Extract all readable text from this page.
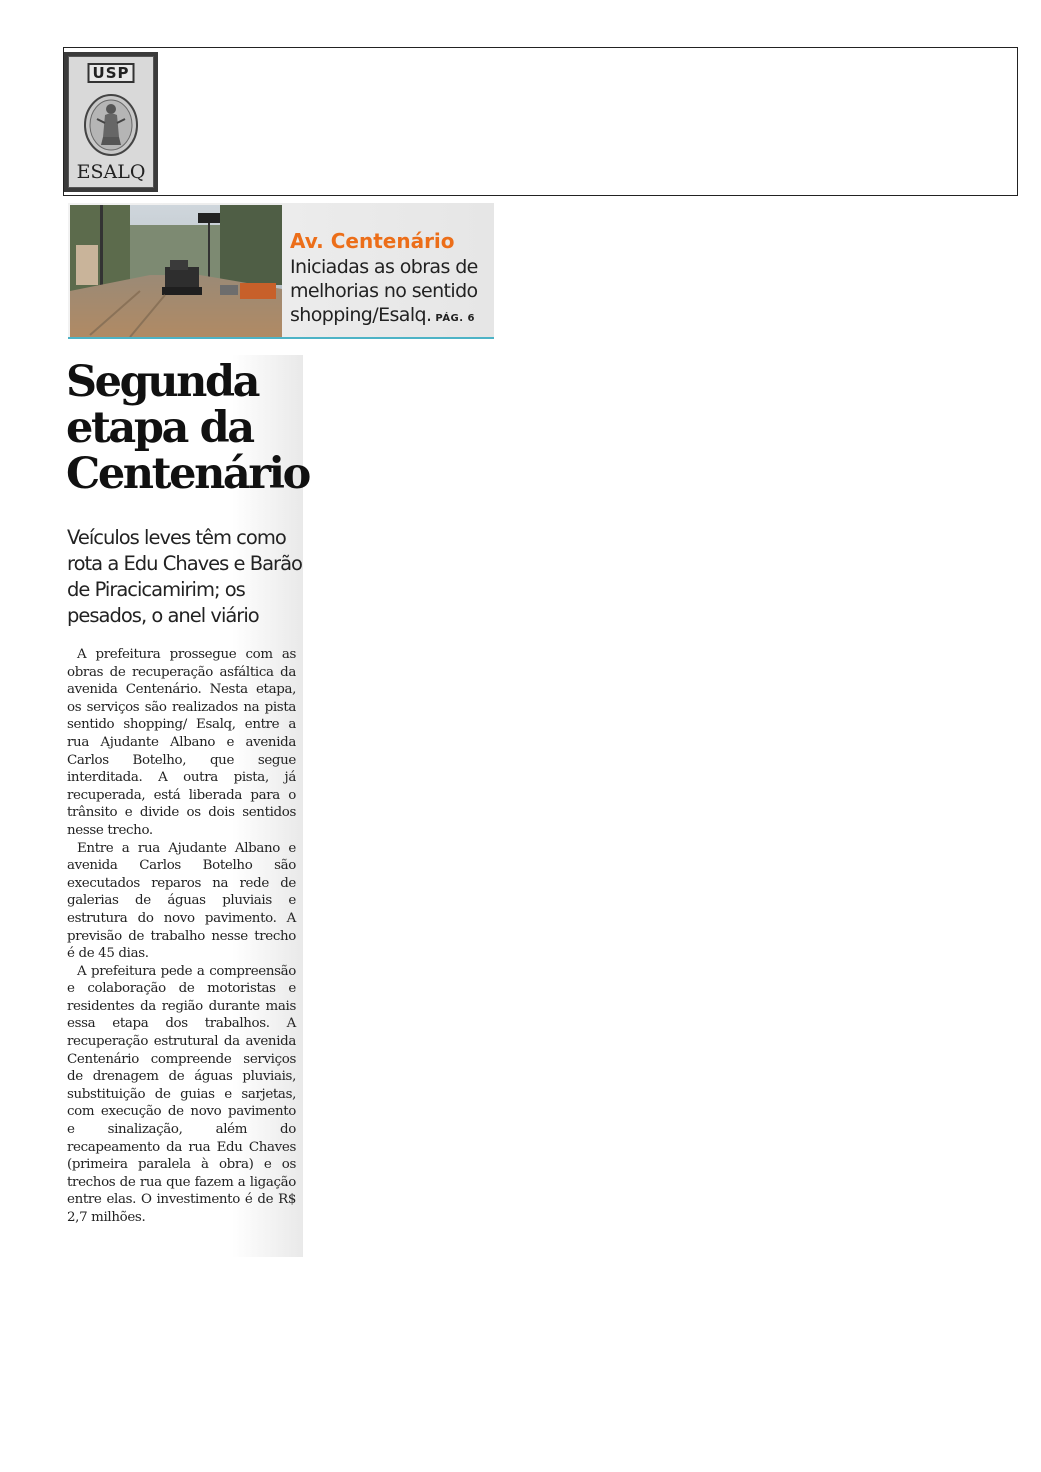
USP
ESALQ
Av. Centenário
Iniciadas as obras de melhorias no sentido shopping/Esalq. PÁG. 6
Segunda etapa da Centenário
Veículos leves têm como rota a Edu Chaves e Barão de Piracicamirim; os pesados, o anel viário

A prefeitura prossegue com as obras de recuperação asfáltica da avenida Centenário. Nesta etapa, os serviços são realizados na pista sentido shopping/ Esalq, entre a rua Ajudante Albano e avenida Carlos Botelho, que segue interditada. A outra pista, já recuperada, está liberada para o trânsito e divide os dois sentidos nesse trecho.

Entre a rua Ajudante Albano e avenida Carlos Botelho são executados reparos na rede de galerias de águas pluviais e estrutura do novo pavimento. A previsão de trabalho nesse trecho é de 45 dias.

A prefeitura pede a compreensão e colaboração de motoristas e residentes da região durante mais essa etapa dos trabalhos. A recuperação estrutural da avenida Centenário compreende serviços de drenagem de águas pluviais, substituição de guias e sarjetas, com execução de novo pavimento e sinalização, além do recapeamento da rua Edu Chaves (primeira paralela à obra) e os trechos de rua que fazem a ligação entre elas. O investimento é de R$ 2,7 milhões.
